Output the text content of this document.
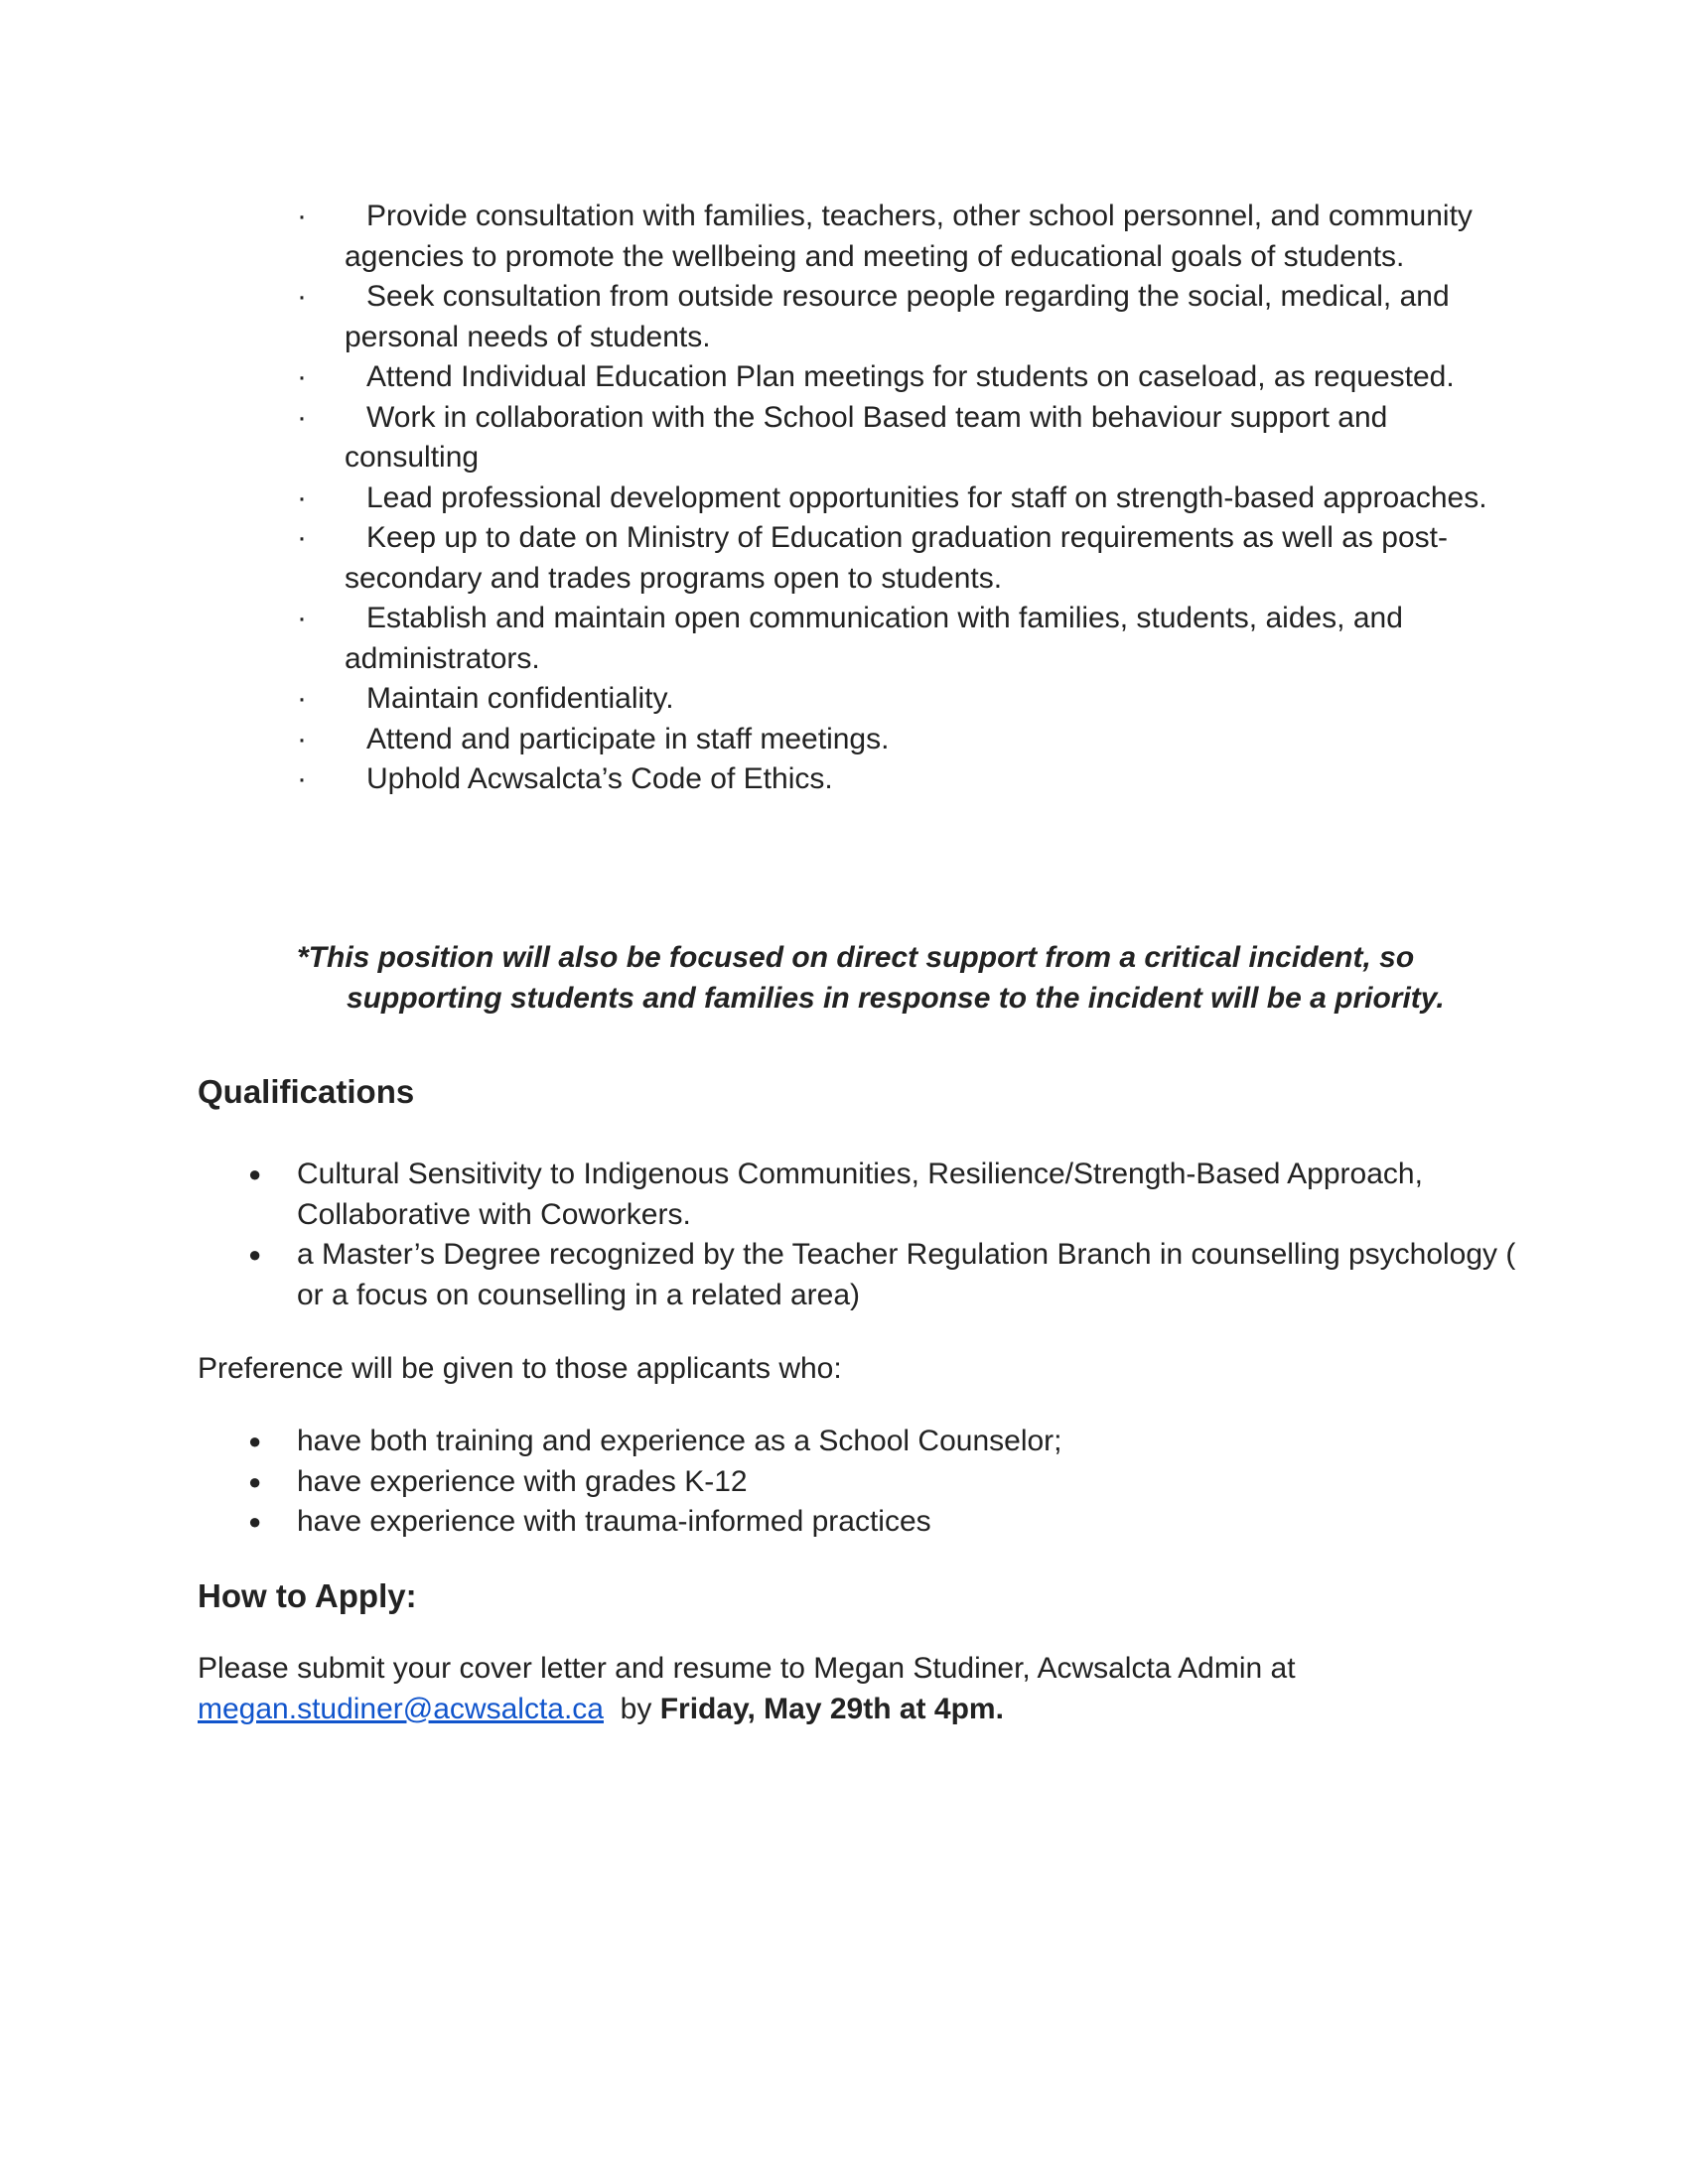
· Provide consultation with families, teachers, other school personnel, and community agencies to promote the wellbeing and meeting of educational goals of students.
· Seek consultation from outside resource people regarding the social, medical, and personal needs of students.
· Attend Individual Education Plan meetings for students on caseload, as requested.
· Work in collaboration with the School Based team with behaviour support and consulting
· Lead professional development opportunities for staff on strength-based approaches.
· Keep up to date on Ministry of Education graduation requirements as well as post-secondary and trades programs open to students.
· Establish and maintain open communication with families, students, aides, and administrators.
· Maintain confidentiality.
· Attend and participate in staff meetings.
· Uphold Acwsalcta’s Code of Ethics.

*This position will also be focused on direct support from a critical incident, so supporting students and families in response to the incident will be a priority.

Qualifications
● Cultural Sensitivity to Indigenous Communities, Resilience/Strength-Based Approach, Collaborative with Coworkers.
● a Master’s Degree recognized by the Teacher Regulation Branch in counselling psychology ( or a focus on counselling in a related area)

Preference will be given to those applicants who:

● have both training and experience as a School Counselor;
● have experience with grades K-12
● have experience with trauma-informed practices
How to Apply:

Please submit your cover letter and resume to Megan Studiner, Acwsalcta Admin at
megan.studiner@acwsalcta.ca by Friday, May 29th at 4pm.
